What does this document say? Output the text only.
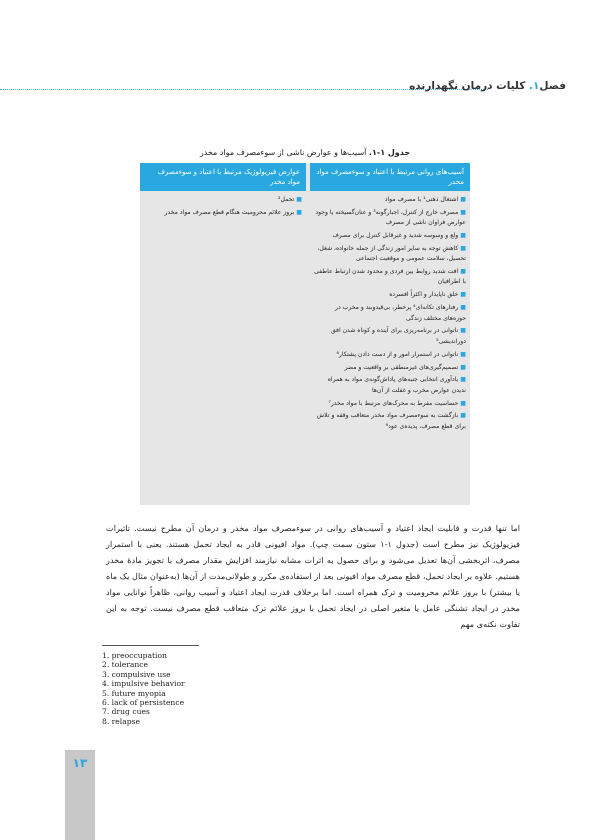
فصل۱. کلیات درمان نگهدارنده
جدول ۱-۱. آسیب‌ها و عوارض ناشی از سوءمصرف مواد مخدر
آسیب‌های روانی مرتبط با اعتیاد و سوءمصرف مواد مخدر
■اشتغال ذهنی¹ با مصرف مواد
■مصرف خارج از کنترل، اجبارگونه³ و عنان‌گسیخته یا وجود عوارض فراوان ناشی از مصرف
■ولع و وسوسه شدید و غیرقابل کنترل برای مصرف
■کاهش توجه به سایر امور زندگی از جمله خانواده، شغل، تحصیل، سلامت عمومی و موقعیت اجتماعی
■افت شدید روابط بین فردی و محدود شدن ارتباط عاطفی با اطرافیان
■خلق ناپایدار و اکثراً افسرده
■رفتارهای تکانه‌ای⁴ پرخطر، بی‌قیدوبند و مخرب در حوزه‌های مختلف زندگی
■ناتوانی در برنامه‌ریزی برای آینده و کوتاه شدن افق دوراندیشی⁵
■ناتوانی در استمرار امور و از دست دادن پشتکار⁶
■تصمیم‌گیری‌های غیرمنطقی بر واقعیت و مضر
■یادآوری انتخابی جنبه‌های پاداش‌گونه‌ی مواد به همراه ندیدن عوارض مخرب و غفلت از آن‌ها
■حساسیت مفرط به محرک‌های مرتبط با مواد مخدر⁷
■بازگشت به سوءمصرف مواد مخدر متعاقب وقفه و تلاش برای قطع مصرف، پدیده‌ی عود⁸
عوارض فیزیولوژیک مرتبط با اعتیاد و سوءمصرف مواد مخدر
■تحمل²
■بروز علائم محرومیت هنگام قطع مصرف مواد مخدر

اما تنها قدرت و قابلیت ایجاد اعتیاد و آسیب‌های روانی در سوءمصرف مواد مخدر و درمان آن مطرح نیست. تاثیرات فیزیولوژیک نیز مطرح است (جدول ۱-۱ ستون سمت چپ). مواد افیونی قادر به ایجاد تحمل هستند. یعنی با استمرار مصرف، اثربخشی آن‌ها تعدیل می‌شود و برای حصول به اثرات مشابه نیازمند افزایش مقدار مصرف با تجویز مادهٔ مخدر هستیم. علاوه بر ایجاد تحمل، قطع مصرف مواد افیونی بعد از استفاده‌ی مکرر و طولانی‌مدت از آن‌ها (به‌عنوان مثال یک ماه یا بیشتر) با بروز علائم محرومیت و ترک همراه است. اما برخلاف قدرت ایجاد اعتیاد و آسیب روانی، ظاهراً توانایی مواد مخدر در ایجاد تشنگی عامل یا متغیر اصلی در ایجاد تحمل با بروز علائم ترک متعاقب قطع مصرف نیست. توجه به این تفاوت نکته‌ی مهم

1. preoccupation
2. tolerance
3. compulsive use
4. impulsive behavior
5. future myopia
6. lack of persistence
7. drug cues
8. relapse
۱۳
